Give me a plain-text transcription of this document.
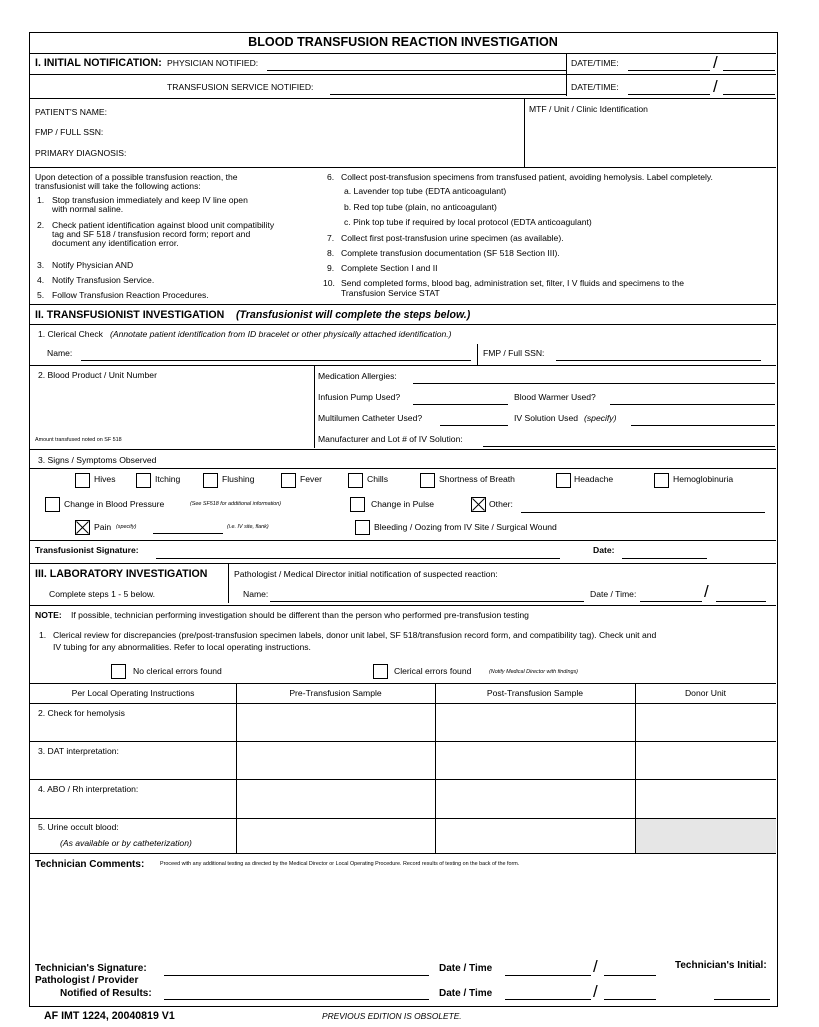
BLOOD TRANSFUSION REACTION INVESTIGATION
I. INITIAL NOTIFICATION: PHYSICIAN NOTIFIED:	DATE/TIME:	/
TRANSFUSION SERVICE NOTIFIED:	DATE/TIME:	/
PATIENT'S NAME:
FMP / FULL SSN:
PRIMARY DIAGNOSIS:
MTF / Unit / Clinic Identification
Upon detection of a possible transfusion reaction, the
transfusionist will take the following actions:
1. Stop transfusion immediately and keep IV line open
with normal saline.
2. Check patient identification against blood unit compatibility
tag and SF 518 / transfusion record form; report and
document any identification error.
3. Notify Physician AND
4. Notify Transfusion Service.
5. Follow Transfusion Reaction Procedures.
6. Collect post-transfusion specimens from transfused patient, avoiding hemolysis. Label completely.
a. Lavender top tube (EDTA anticoagulant)
b. Red top tube (plain, no anticoagulant)
c. Pink top tube if required by local protocol (EDTA anticoagulant)
7. Collect first post-transfusion urine specimen (as available).
8. Complete transfusion documentation (SF 518 Section III).
9. Complete Section I and II
10. Send completed forms, blood bag, administration set, filter, I V fluids and specimens to the
Transfusion Service STAT
II. TRANSFUSIONIST INVESTIGATION (Transfusionist will complete the steps below.)
1. Clerical Check (Annotate patient identification from ID bracelet or other physically attached identification.)
Name:	FMP / Full SSN:
2. Blood Product / Unit Number
Amount transfused noted on SF 518
Medication Allergies:
Infusion Pump Used?	Blood Warmer Used?
Multilumen Catheter Used?	IV Solution Used (specify)
Manufacturer and Lot # of IV Solution:
3. Signs / Symptoms Observed
Hives	Itching	Flushing	Fever	Chills	Shortness of Breath	Headache	Hemoglobinuria
Change in Blood Pressure	(See SF518 for additional information)	Change in Pulse	Other:
Pain (specify)	(i.e. IV site, flank)	Bleeding / Oozing from IV Site / Surgical Wound
Transfusionist Signature:	Date:
III. LABORATORY INVESTIGATION	Pathologist / Medical Director initial notification of suspected reaction:
Complete steps 1 - 5 below.	Name:	Date / Time:	/
NOTE: If possible, technician performing investigation should be different than the person who performed pre-transfusion testing
1. Clerical review for discrepancies (pre/post-transfusion specimen labels, donor unit label, SF 518/transfusion record form, and compatibility tag). Check unit and
IV tubing for any abnormalities. Refer to local operating instructions.
No clerical errors found	Clerical errors found	(Notify Medical Director with findings)
Per Local Operating Instructions	Pre-Transfusion Sample	Post-Transfusion Sample	Donor Unit
2. Check for hemolysis
3. DAT interpretation:
4. ABO / Rh interpretation:
5. Urine occult blood:
(As available or by catheterization)
Technician Comments:	Proceed with any additional testing as directed by the Medical Director or Local Operating Procedure. Record results of testing on the back of the form.
Technician's Signature:	Date / Time	/	Technician's Initial:
Pathologist / Provider
Notified of Results:	Date / Time	/
AF IMT 1224, 20040819 V1	PREVIOUS EDITION IS OBSOLETE.
